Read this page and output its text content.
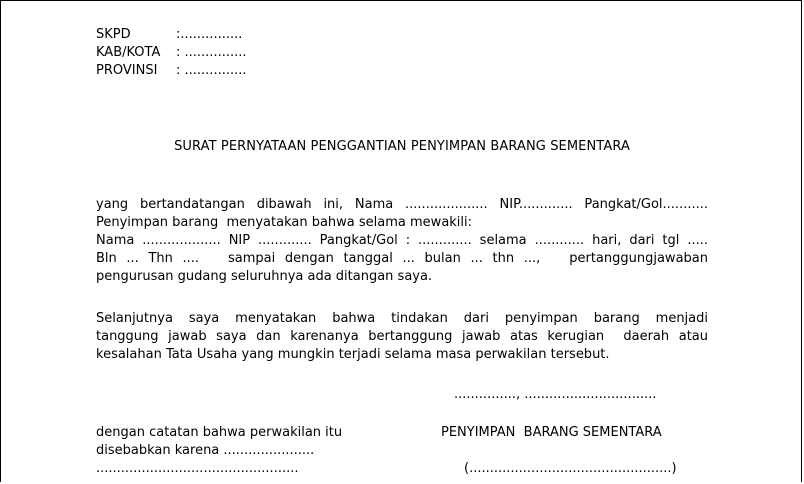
SKPD	:...............
KAB/KOTA	: ...............
PROVINSI	: ...............
SURAT PERNYATAAN PENGGANTIAN PENYIMPAN BARANG SEMENTARA
yang bertandatangan dibawah ini, Nama .................... NIP............. Pangkat/Gol...........
Penyimpan barang  menyatakan bahwa selama mewakili:
Nama ................... NIP ............. Pangkat/Gol : ............. selama ............ hari, dari tgl .....
Bln ... Thn ....   sampai dengan tanggal ... bulan ... thn ...,   pertanggungjawaban
pengurusan gudang seluruhnya ada ditangan saya.
Selanjutnya saya menyatakan bahwa tindakan dari penyimpan barang menjadi
tanggung jawab saya dan karenanya bertanggung jawab atas kerugian  daerah atau
kesalahan Tata Usaha yang mungkin terjadi selama masa perwakilan tersebut.
..............., ................................
dengan catatan bahwa perwakilan itu
disebabkan karena ......................
.................................................
PENYIMPAN  BARANG SEMENTARA
(.................................................)
